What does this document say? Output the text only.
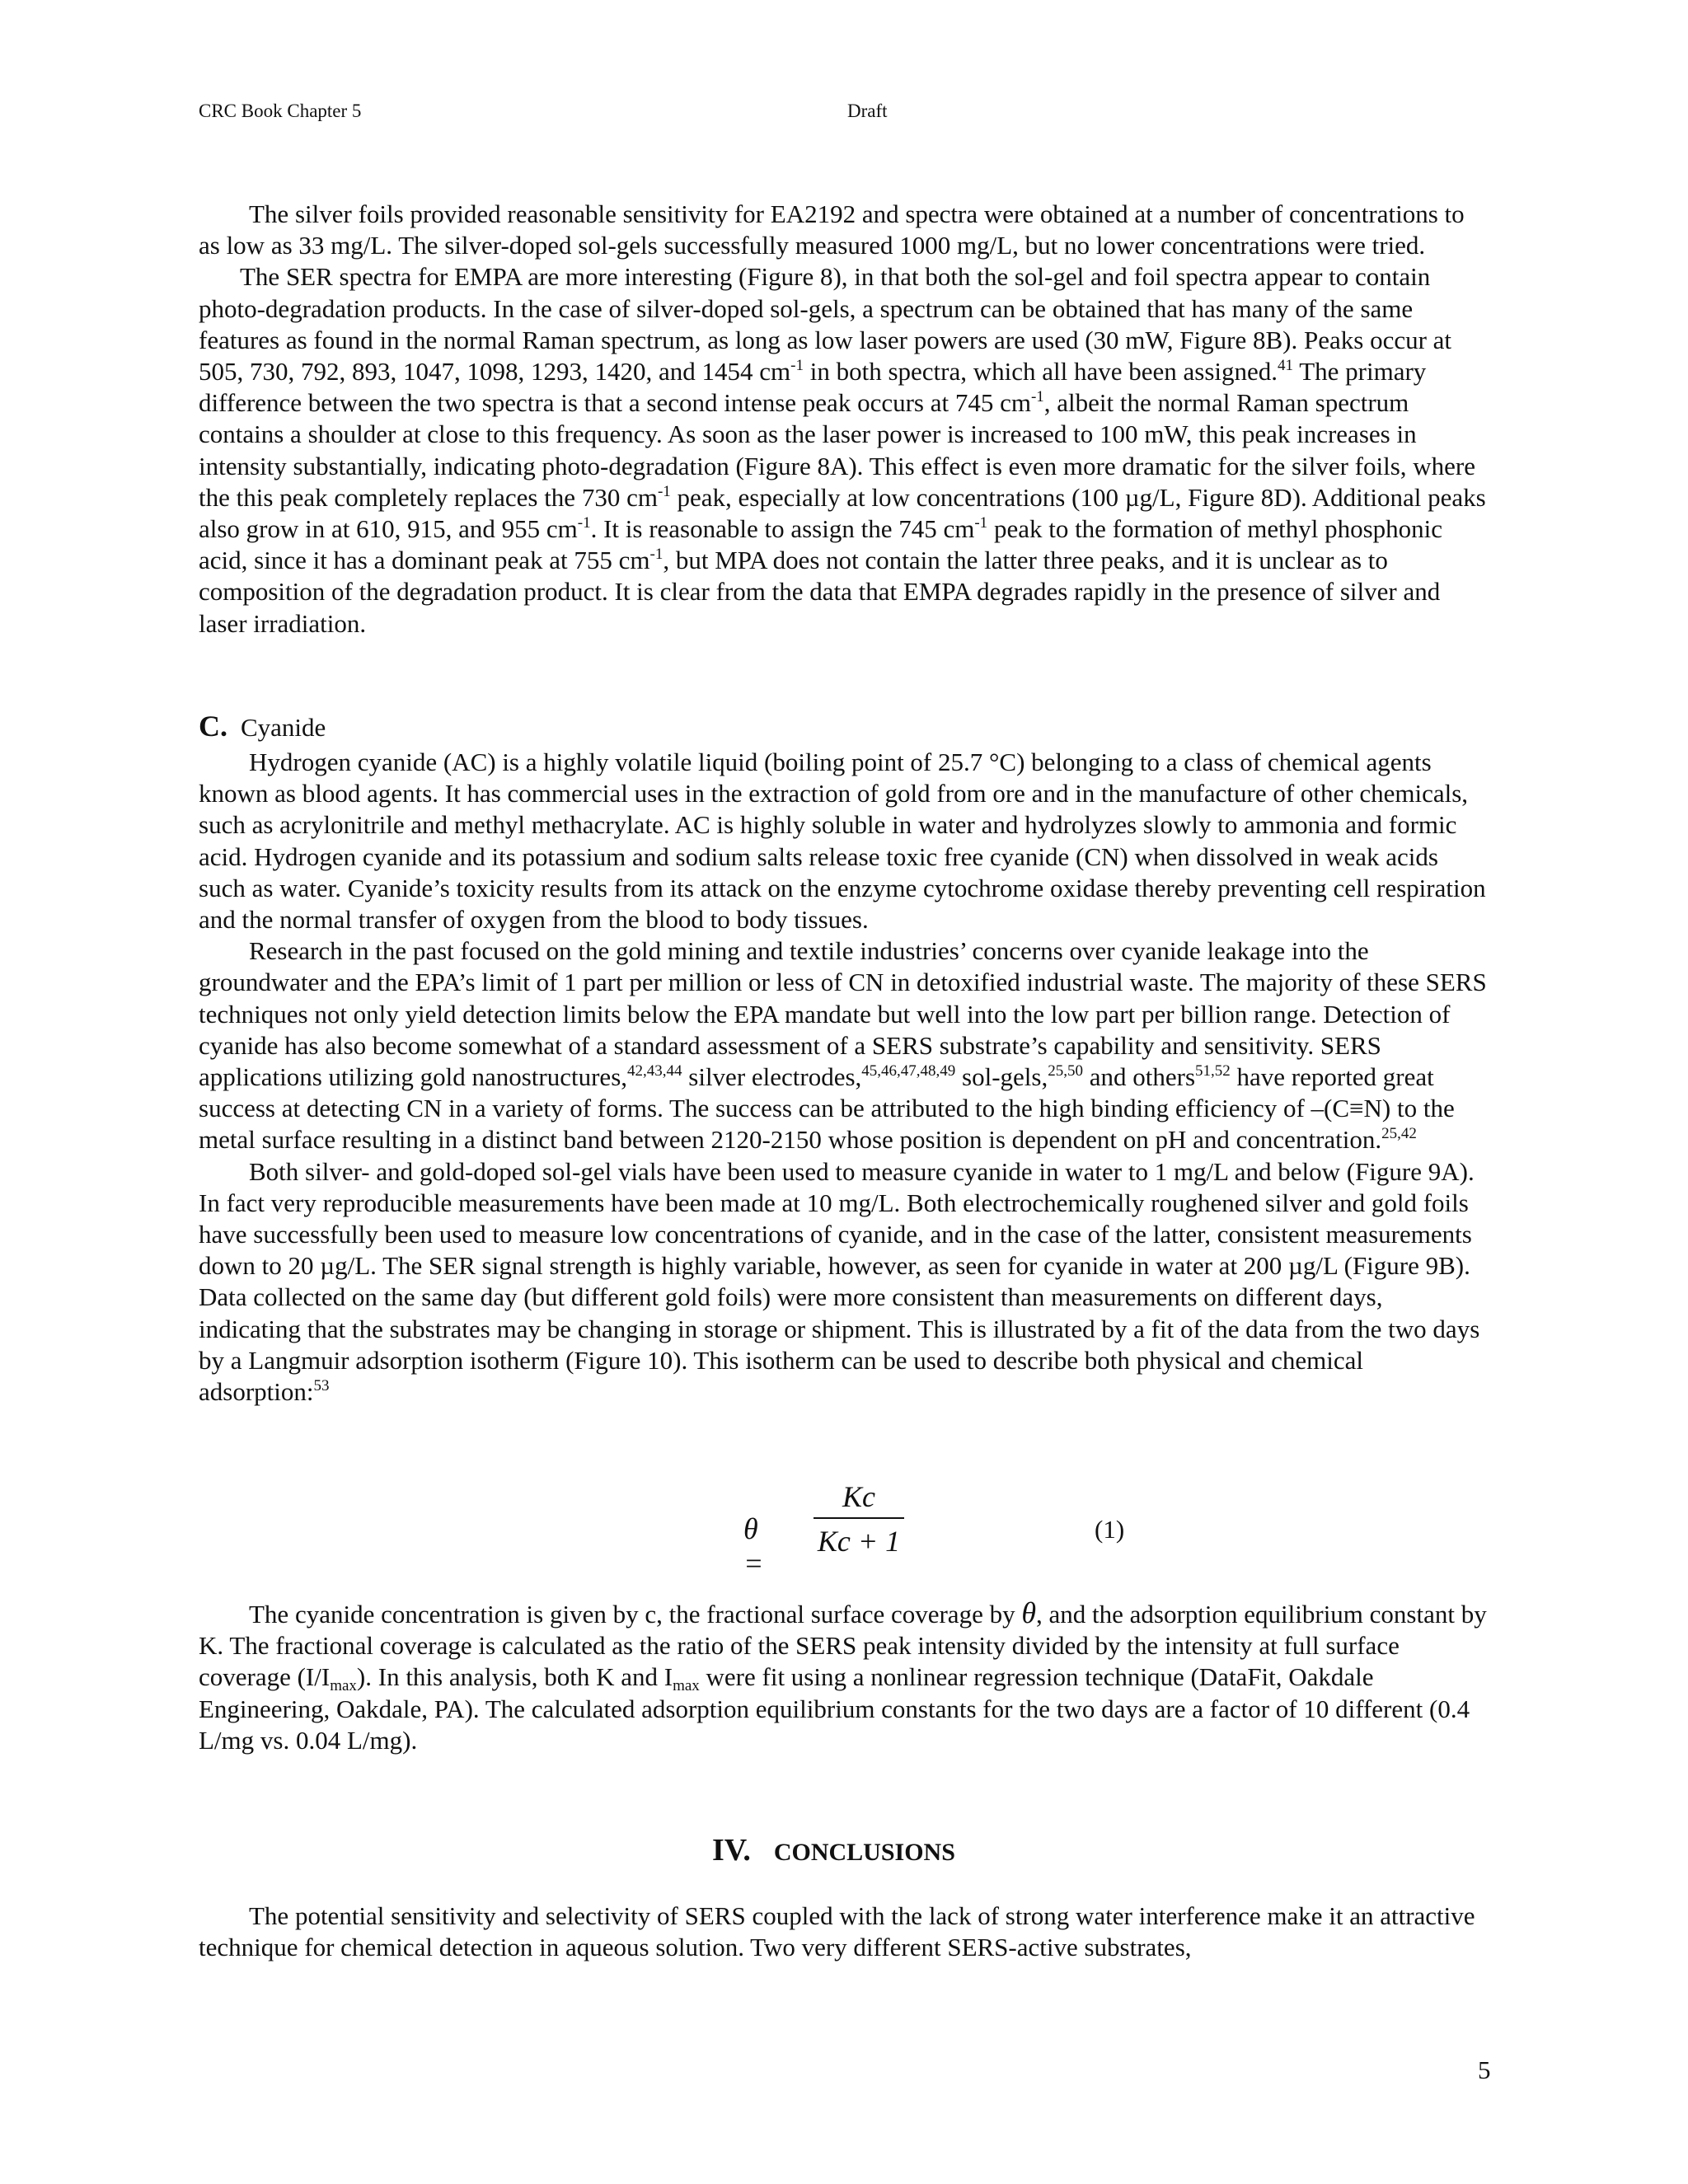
CRC Book Chapter 5	Draft

The silver foils provided reasonable sensitivity for EA2192 and spectra were obtained at a number of concentrations to as low as 33 mg/L. The silver-doped sol-gels successfully measured 1000 mg/L, but no lower concentrations were tried.

The SER spectra for EMPA are more interesting (Figure 8), in that both the sol-gel and foil spectra appear to contain photo-degradation products. In the case of silver-doped sol-gels, a spectrum can be obtained that has many of the same features as found in the normal Raman spectrum, as long as low laser powers are used (30 mW, Figure 8B). Peaks occur at 505, 730, 792, 893, 1047, 1098, 1293, 1420, and 1454 $cm^{-1}$ in both spectra, which all have been assigned.$^{41}$ The primary difference between the two spectra is that a second intense peak occurs at 745 $cm^{-1}$, albeit the normal Raman spectrum contains a shoulder at close to this frequency. As soon as the laser power is increased to 100 mW, this peak increases in intensity substantially, indicating photo-degradation (Figure 8A). This effect is even more dramatic for the silver foils, where the this peak completely replaces the 730 $cm^{-1}$ peak, especially at low concentrations (100 µg/L, Figure 8D). Additional peaks also grow in at 610, 915, and 955 $cm^{-1}$. It is reasonable to assign the 745 $cm^{-1}$ peak to the formation of methyl phosphonic acid, since it has a dominant peak at 755 $cm^{-1}$, but MPA does not contain the latter three peaks, and it is unclear as to composition of the degradation product. It is clear from the data that EMPA degrades rapidly in the presence of silver and laser irradiation.

C. Cyanide

Hydrogen cyanide (AC) is a highly volatile liquid (boiling point of 25.7 °C) belonging to a class of chemical agents known as blood agents. It has commercial uses in the extraction of gold from ore and in the manufacture of other chemicals, such as acrylonitrile and methyl methacrylate. AC is highly soluble in water and hydrolyzes slowly to ammonia and formic acid. Hydrogen cyanide and its potassium and sodium salts release toxic free cyanide (CN) when dissolved in weak acids such as water. Cyanide’s toxicity results from its attack on the enzyme cytochrome oxidase thereby preventing cell respiration and the normal transfer of oxygen from the blood to body tissues.

Research in the past focused on the gold mining and textile industries’ concerns over cyanide leakage into the groundwater and the EPA’s limit of 1 part per million or less of CN in detoxified industrial waste. The majority of these SERS techniques not only yield detection limits below the EPA mandate but well into the low part per billion range. Detection of cyanide has also become somewhat of a standard assessment of a SERS substrate’s capability and sensitivity. SERS applications utilizing gold nanostructures,$^{42,43,44}$ silver electrodes,$^{45,46,47,48,49}$ sol-gels,$^{25,50}$ and others$^{51,52}$ have reported great success at detecting CN in a variety of forms. The success can be attributed to the high binding efficiency of –(C≡N) to the metal surface resulting in a distinct band between 2120-2150 whose position is dependent on pH and concentration.$^{25,42}$

Both silver- and gold-doped sol-gel vials have been used to measure cyanide in water to 1 mg/L and below (Figure 9A). In fact very reproducible measurements have been made at 10 mg/L. Both electrochemically roughened silver and gold foils have successfully been used to measure low concentrations of cyanide, and in the case of the latter, consistent measurements down to 20 µg/L. The SER signal strength is highly variable, however, as seen for cyanide in water at 200 µg/L (Figure 9B). Data collected on the same day (but different gold foils) were more consistent than measurements on different days, indicating that the substrates may be changing in storage or shipment. This is illustrated by a fit of the data from the two days by a Langmuir adsorption isotherm (Figure 10). This isotherm can be used to describe both physical and chemical adsorption:$^{53}$

θ =
Kc
Kc + 1	(1)

The cyanide concentration is given by c, the fractional surface coverage by θ, and the adsorption equilibrium constant by K. The fractional coverage is calculated as the ratio of the SERS peak intensity divided by the intensity at full surface coverage $(I/I_{max})$. In this analysis, both K and $I_{max}$ were fit using a nonlinear regression technique (DataFit, Oakdale Engineering, Oakdale, PA). The calculated adsorption equilibrium constants for the two days are a factor of 10 different (0.4 L/mg vs. 0.04 L/mg).

IV. CONCLUSIONS

The potential sensitivity and selectivity of SERS coupled with the lack of strong water interference make it an attractive technique for chemical detection in aqueous solution. Two very different SERS-active substrates,

5
